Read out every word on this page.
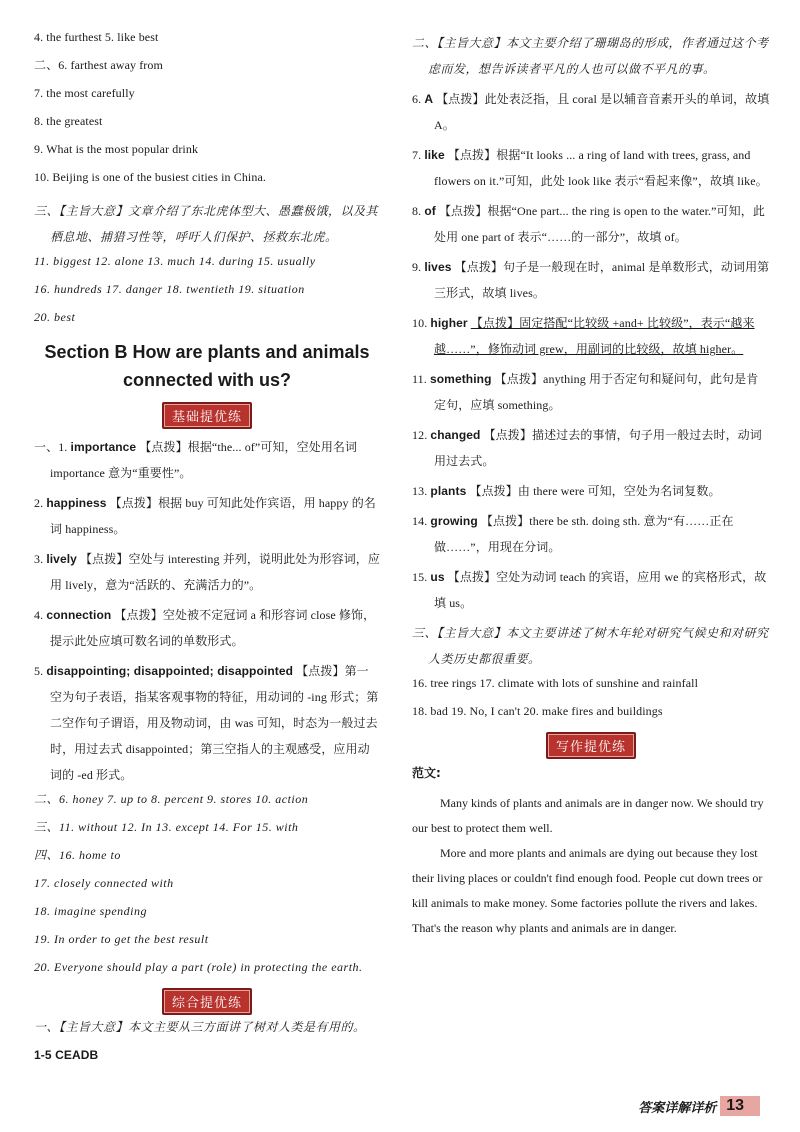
4. the furthest 5. like best

二、6. farthest away from

7. the most carefully

8. the greatest

9. What is the most popular drink

10. Beijing is one of the busiest cities in China.

三、【主旨大意】文章介绍了东北虎体型大、愚蠢极饿，以及其栖息地、捕猎习性等，呼吁人们保护、拯救东北虎。

11. biggest 12. alone 13. much 14. during 15. usually

16. hundreds 17. danger 18. twentieth 19. situation

20. best

Section B How are plants and animals connected with us?
基础提优练

一、1. importance 【点拨】根据“the... of”可知，空处用名词 importance 意为“重要性”。

2. happiness 【点拨】根据 buy 可知此处作宾语，用 happy 的名词 happiness。

3. lively 【点拨】空处与 interesting 并列，说明此处为形容词，应用 lively，意为“活跃的、充满活力的”。

4. connection 【点拨】空处被不定冠词 a 和形容词 close 修饰，提示此处应填可数名词的单数形式。

5. disappointing; disappointed; disappointed 【点拨】第一空为句子表语，指某客观事物的特征，用动词的 -ing 形式；第二空作句子谓语，用及物动词，由 was 可知，时态为一般过去时，用过去式 disappointed；第三空指人的主观感受，应用动词的 -ed 形式。

二、6. honey 7. up to 8. percent 9. stores 10. action

三、11. without 12. In 13. except 14. For 15. with

四、16. home to

17. closely connected with

18. imagine spending

19. In order to get the best result

20. Everyone should play a part (role) in protecting the earth.

综合提优练

一、【主旨大意】本文主要从三方面讲了树对人类是有用的。

1-5 CEADB

二、【主旨大意】本文主要介绍了珊瑚岛的形成，作者通过这个考虑而发，想告诉读者平凡的人也可以做不平凡的事。

6. A 【点拨】此处表泛指，且 coral 是以辅音音素开头的单词，故填 A。

7. like 【点拨】根据“It looks ... a ring of land with trees, grass, and flowers on it.”可知，此处 look like 表示“看起来像”，故填 like。

8. of 【点拨】根据“One part... the ring is open to the water.”可知，此处用 one part of 表示“……的一部分”，故填 of。

9. lives 【点拨】句子是一般现在时，animal 是单数形式，动词用第三形式，故填 lives。

10. higher 【点拨】固定搭配“比较级 +and+ 比较级”，表示“越来越……”，修饰动词 grew，用副词的比较级，故填 higher。

11. something 【点拨】anything 用于否定句和疑问句，此句是肯定句，应填 something。

12. changed 【点拨】描述过去的事情，句子用一般过去时，动词用过去式。

13. plants 【点拨】由 there were 可知，空处为名词复数。

14. growing 【点拨】there be sth. doing sth. 意为“有……正在做……”，用现在分词。

15. us 【点拨】空处为动词 teach 的宾语，应用 we 的宾格形式，故填 us。

三、【主旨大意】本文主要讲述了树木年轮对研究气候史和对研究人类历史都很重要。

16. tree rings 17. climate with lots of sunshine and rainfall

18. bad 19. No, I can't 20. make fires and buildings

写作提优练

范文:

Many kinds of plants and animals are in danger now. We should try our best to protect them well.

More and more plants and animals are dying out because they lost their living places or couldn't find enough food. People cut down trees or kill animals to make money. Some factories pollute the rivers and lakes. That's the reason why plants and animals are in danger.

答案详解详析 13
